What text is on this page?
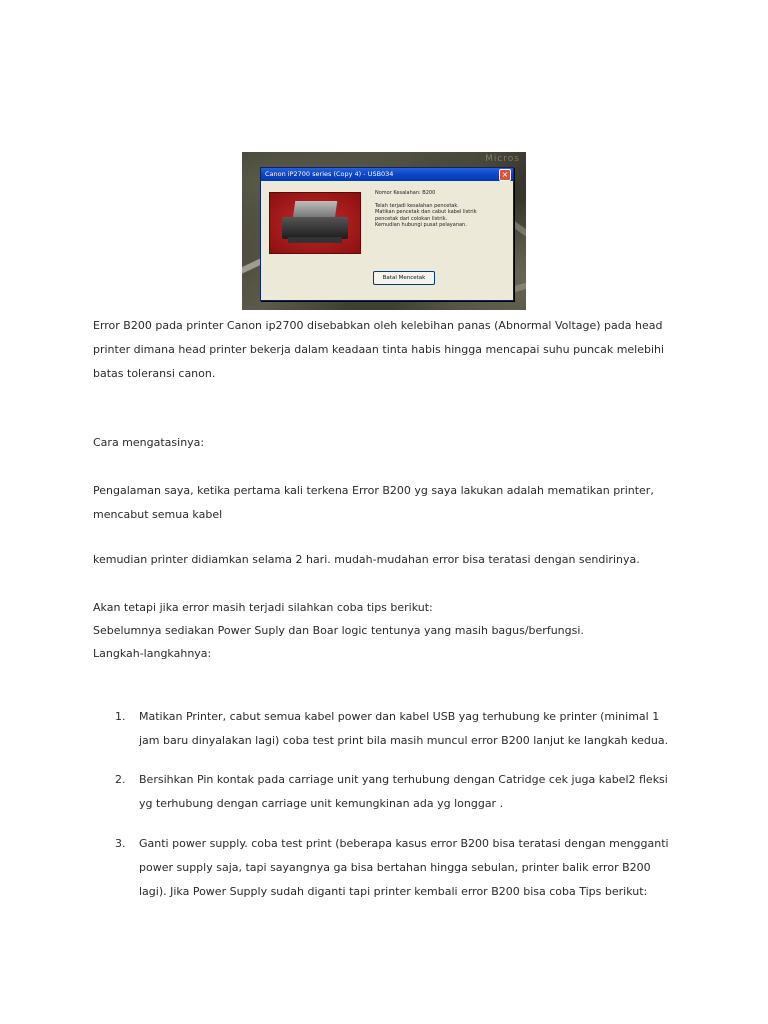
Micros
Canon iP2700 series (Copy 4) - USB034	×
Nomor Kesalahan: B200
Telah terjadi kesalahan pencetak.
Matikan pencetak dan cabut kabel listrik
pencetak dari colokan listrik.
Kemudian hubungi pusat pelayanan.
Batal Mencetak
Error B200 pada printer Canon ip2700 disebabkan oleh kelebihan panas (Abnormal Voltage) pada head
printer dimana head printer bekerja dalam keadaan tinta habis hingga mencapai suhu puncak melebihi
batas toleransi canon.
Cara mengatasinya:
Pengalaman saya, ketika pertama kali terkena Error B200 yg saya lakukan adalah mematikan printer,
mencabut semua kabel
kemudian printer didiamkan selama 2 hari. mudah-mudahan error bisa teratasi dengan sendirinya.
Akan tetapi jika error masih terjadi silahkan coba tips berikut:
Sebelumnya sediakan Power Suply dan Boar logic tentunya yang masih bagus/berfungsi.
Langkah-langkahnya:
1. Matikan Printer, cabut semua kabel power dan kabel USB yag terhubung ke printer (minimal 1
jam baru dinyalakan lagi) coba test print bila masih muncul error B200 lanjut ke langkah kedua.
2. Bersihkan Pin kontak pada carriage unit yang terhubung dengan Catridge cek juga kabel2 fleksi
yg terhubung dengan carriage unit kemungkinan ada yg longgar .
3. Ganti power supply. coba test print (beberapa kasus error B200 bisa teratasi dengan mengganti
power supply saja, tapi sayangnya ga bisa bertahan hingga sebulan, printer balik error B200
lagi). Jika Power Supply sudah diganti tapi printer kembali error B200 bisa coba Tips berikut:
